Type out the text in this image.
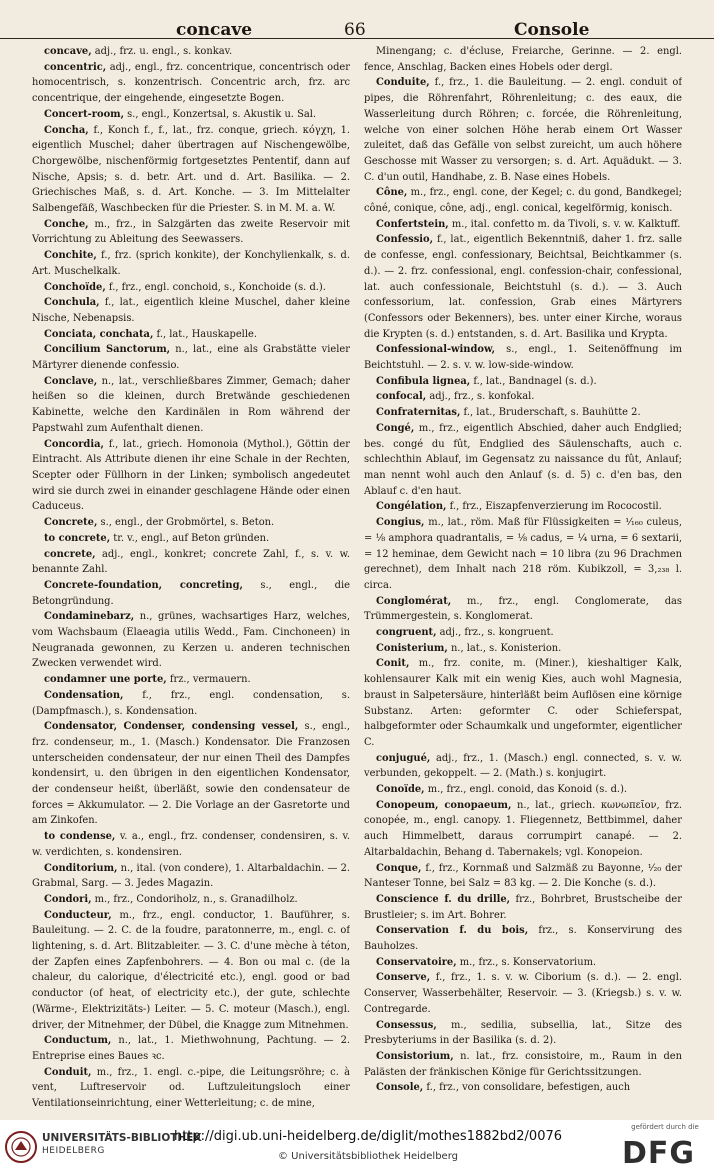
concave	66	Console

concave, adj., frz. u. engl., s. konkav.

concentric, adj., engl., frz. concentrique, concentrisch oder homocentrisch, s. konzentrisch. Concentric arch, frz. arc concentrique, der eingehende, eingesetzte Bogen.

Concert-room, s., engl., Konzertsal, s. Akustik u. Sal.

Concha, f., Konch f., f., lat., frz. conque, griech. κόγχη, 1. eigentlich Muschel; daher übertragen auf Nischengewölbe, Chorgewölbe, nischenförmig fortgesetztes Pententif, dann auf Nische, Apsis; s. d. betr. Art. und d. Art. Basilika. — 2. Griechisches Maß, s. d. Art. Konche. — 3. Im Mittelalter Salbengefäß, Waschbecken für die Priester. S. in M. M. a. W.

Conche, m., frz., in Salzgärten das zweite Reservoir mit Vorrichtung zu Ableitung des Seewassers.

Conchite, f., frz. (sprich konkite), der Konchylienkalk, s. d. Art. Muschelkalk.

Conchoïde, f., frz., engl. conchoid, s., Konchoide (s. d.).

Conchula, f., lat., eigentlich kleine Muschel, daher kleine Nische, Nebenapsis.

Conciata, conchata, f., lat., Hauskapelle.

Concilium Sanctorum, n., lat., eine als Grabstätte vieler Märtyrer dienende confessio.

Conclave, n., lat., verschließbares Zimmer, Gemach; daher heißen so die kleinen, durch Bretwände geschiedenen Kabinette, welche den Kardinälen in Rom während der Papstwahl zum Aufenthalt dienen.

Concordia, f., lat., griech. Homonoia (Mythol.), Göttin der Eintracht. Als Attribute dienen ihr eine Schale in der Rechten, Scepter oder Füllhorn in der Linken; symbolisch angedeutet wird sie durch zwei in einander geschlagene Hände oder einen Caduceus.

Concrete, s., engl., der Grobmörtel, s. Beton.

to concrete, tr. v., engl., auf Beton gründen.

concrete, adj., engl., konkret; concrete Zahl, f., s. v. w. benannte Zahl.

Concrete-foundation, concreting, s., engl., die Betongründung.

Condaminebarz, n., grünes, wachsartiges Harz, welches, vom Wachsbaum (Elaeagia utilis Wedd., Fam. Cinchoneen) in Neugranada gewonnen, zu Kerzen u. anderen technischen Zwecken verwendet wird.

condamner une porte, frz., vermauern.

Condensation, f., frz., engl. condensation, s. (Dampfmasch.), s. Kondensation.

Condensator, Condenser, condensing vessel, s., engl., frz. condenseur, m., 1. (Masch.) Kondensator. Die Franzosen unterscheiden condensateur, der nur einen Theil des Dampfes kondensirt, u. den übrigen in den eigentlichen Kondensator, der condenseur heißt, überläßt, sowie den condensateur de forces = Akkumulator. — 2. Die Vorlage an der Gasretorte und am Zinkofen.

to condense, v. a., engl., frz. condenser, condensiren, s. v. w. verdichten, s. kondensiren.

Conditorium, n., ital. (von condere), 1. Altarbaldachin. — 2. Grabmal, Sarg. — 3. Jedes Magazin.

Condori, m., frz., Condoriholz, n., s. Granadilholz.

Conducteur, m., frz., engl. conductor, 1. Bauführer, s. Bauleitung. — 2. C. de la foudre, paratonnerre, m., engl. c. of lightening, s. d. Art. Blitzableiter. — 3. C. d'une mèche à téton, der Zapfen eines Zapfenbohrers. — 4. Bon ou mal c. (de la chaleur, du calorique, d'électricité etc.), engl. good or bad conductor (of heat, of electricity etc.), der gute, schlechte (Wärme-, Elektrizitäts-) Leiter. — 5. C. moteur (Masch.), engl. driver, der Mitnehmer, der Dübel, die Knagge zum Mitnehmen.

Conductum, n., lat., 1. Miethwohnung, Pachtung. — 2. Entreprise eines Baues ꝛc.

Conduit, m., frz., 1. engl. c.-pipe, die Leitungsröhre; c. à vent, Luftreservoir od. Luftzuleitungsloch einer Ventilationseinrichtung, einer Wetterleitung; c. de mine,

Minengang; c. d'écluse, Freiarche, Gerinne. — 2. engl. fence, Anschlag, Backen eines Hobels oder dergl.

Conduite, f., frz., 1. die Bauleitung. — 2. engl. conduit of pipes, die Röhrenfahrt, Röhrenleitung; c. des eaux, die Wasserleitung durch Röhren; c. forcée, die Röhrenleitung, welche von einer solchen Höhe herab einem Ort Wasser zuleitet, daß das Gefälle von selbst zureicht, um auch höhere Geschosse mit Wasser zu versorgen; s. d. Art. Aquädukt. — 3. C. d'un outil, Handhabe, z. B. Nase eines Hobels.

Cône, m., frz., engl. cone, der Kegel; c. du gond, Bandkegel; côné, conique, cône, adj., engl. conical, kegelförmig, konisch.

Confertstein, m., ital. confetto m. da Tivoli, s. v. w. Kalktuff.

Confessio, f., lat., eigentlich Bekenntniß, daher 1. frz. salle de confesse, engl. confessionary, Beichtsal, Beichtkammer (s. d.). — 2. frz. confessional, engl. confession-chair, confessional, lat. auch confessionale, Beichtstuhl (s. d.). — 3. Auch confessorium, lat. confession, Grab eines Märtyrers (Confessors oder Bekenners), bes. unter einer Kirche, woraus die Krypten (s. d.) entstanden, s. d. Art. Basilika und Krypta.

Confessional-window, s., engl., 1. Seitenöffnung im Beichtstuhl. — 2. s. v. w. low-side-window.

Confibula lignea, f., lat., Bandnagel (s. d.).

confocal, adj., frz., s. konfokal.

Confraternitas, f., lat., Bruderschaft, s. Bauhütte 2.

Congé, m., frz., eigentlich Abschied, daher auch Endglied; bes. congé du fût, Endglied des Säulenschafts, auch c. schlechthin Ablauf, im Gegensatz zu naissance du fût, Anlauf; man nennt wohl auch den Anlauf (s. d. 5) c. d'en bas, den Ablauf c. d'en haut.

Congélation, f., frz., Eiszapfenverzierung im Rococostil.

Congius, m., lat., röm. Maß für Flüssigkeiten = ¹⁄₁₆₀ culeus, = ⅛ amphora quadrantalis, = ⅛ cadus, = ¼ urna, = 6 sextarii, = 12 heminae, dem Gewicht nach = 10 libra (zu 96 Drachmen gerechnet), dem Inhalt nach 218 röm. Kubikzoll, = 3,₂₃₈ l. circa.

Conglomérat, m., frz., engl. Conglomerate, das Trümmergestein, s. Konglomerat.

congruent, adj., frz., s. kongruent.

Conisterium, n., lat., s. Konisterion.

Conit, m., frz. conite, m. (Miner.), kieshaltiger Kalk, kohlensaurer Kalk mit ein wenig Kies, auch wohl Magnesia, braust in Salpetersäure, hinterläßt beim Auflösen eine körnige Substanz. Arten: geformter C. oder Schieferspat, halbgeformter oder Schaumkalk und ungeformter, eigentlicher C.

conjugué, adj., frz., 1. (Masch.) engl. connected, s. v. w. verbunden, gekoppelt. — 2. (Math.) s. konjugirt.

Conoïde, m., frz., engl. conoid, das Konoid (s. d.).

Conopeum, conopaeum, n., lat., griech. κωνωπεῖον, frz. conopée, m., engl. canopy. 1. Fliegennetz, Bettbimmel, daher auch Himmelbett, daraus corrumpirt canapé. — 2. Altarbaldachin, Behang d. Tabernakels; vgl. Konopeion.

Conque, f., frz., Kornmaß und Salzmäß zu Bayonne, ¹⁄₂₀ der Nanteser Tonne, bei Salz = 83 kg. — 2. Die Konche (s. d.).

Conscience f. du drille, frz., Bohrbret, Brustscheibe der Brustleier; s. im Art. Bohrer.

Conservation f. du bois, frz., s. Konservirung des Bauholzes.

Conservatoire, m., frz., s. Konservatorium.

Conserve, f., frz., 1. s. v. w. Ciborium (s. d.). — 2. engl. Conserver, Wasserbehälter, Reservoir. — 3. (Kriegsb.) s. v. w. Contregarde.

Consessus, m., sedilia, subsellia, lat., Sitze des Presbyteriums in der Basilika (s. d. 2).

Consistorium, n. lat., frz. consistoire, m., Raum in den Palästen der fränkischen Könige für Gerichtssitzungen.

Console, f., frz., von consolidare, befestigen, auch

UNIVERSITÄTS-BIBLIOTHEK
HEIDELBERG
http://digi.ub.uni-heidelberg.de/diglit/mothes1882bd2/0076
© Universitätsbibliothek Heidelberg
gefördert durch die
DFG
